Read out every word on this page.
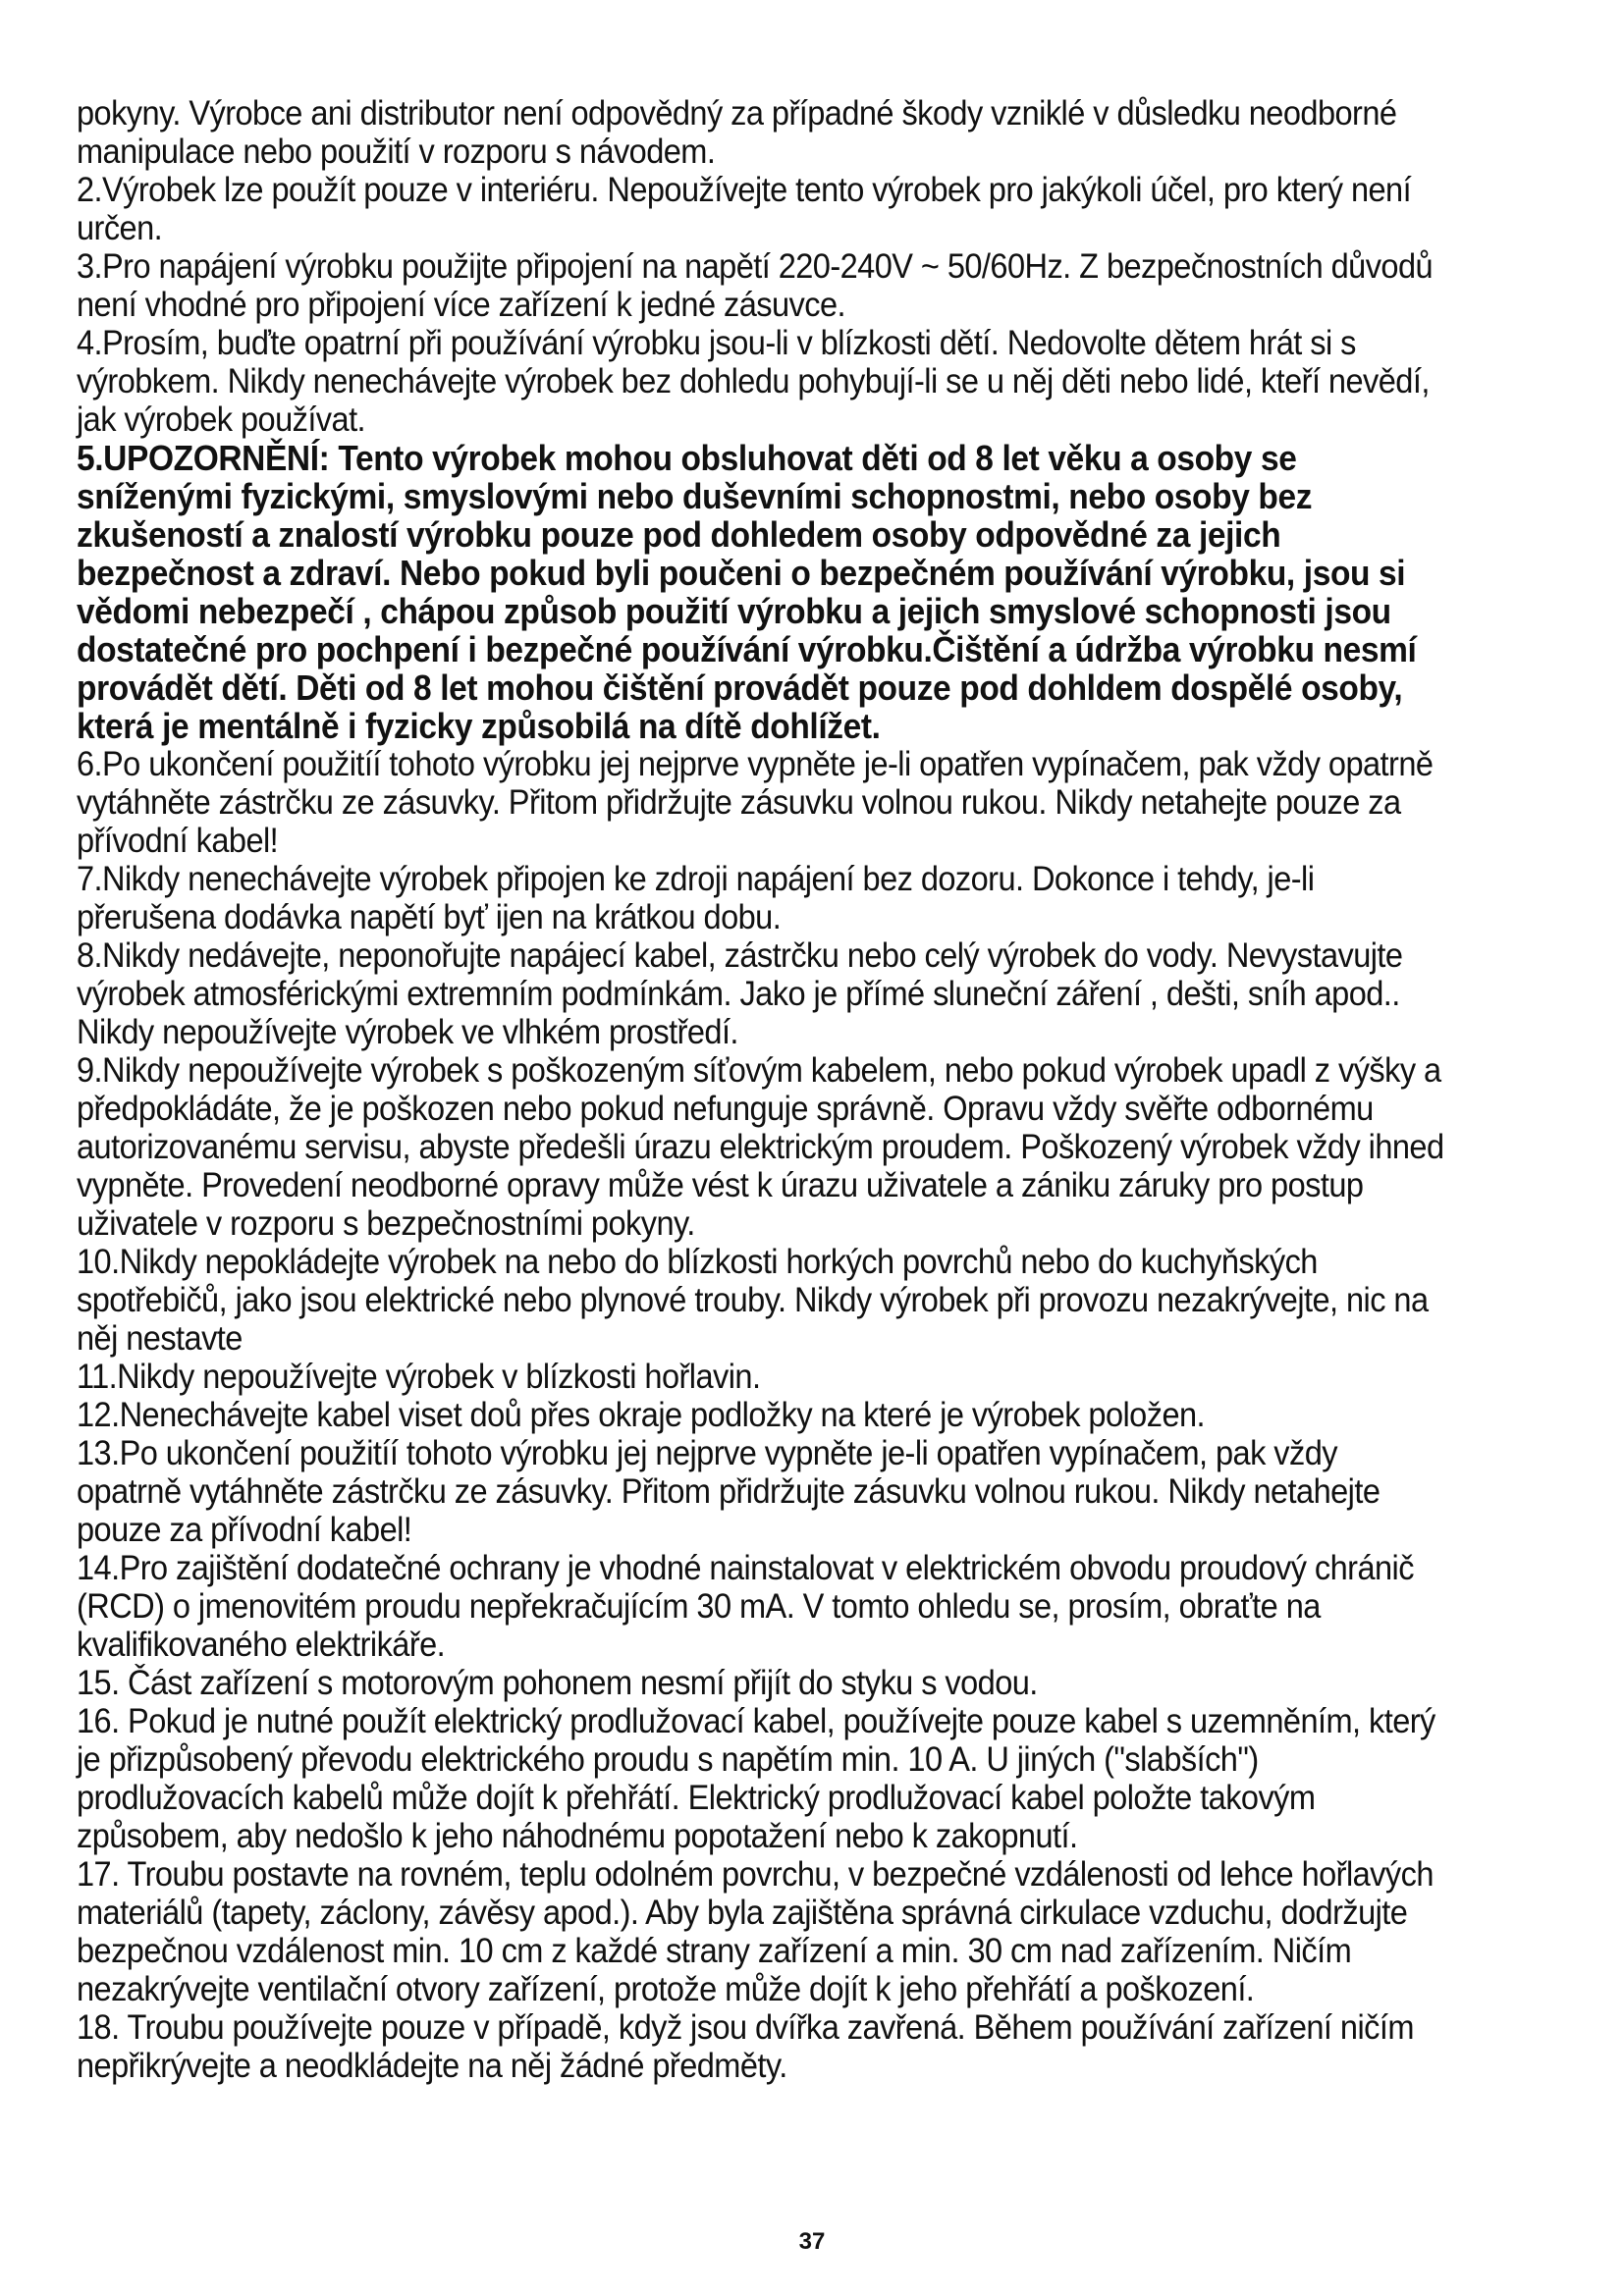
pokyny. Výrobce ani distributor není odpovědný za případné škody vzniklé v důsledku neodborné manipulace nebo použití v rozporu s návodem.

2.Výrobek lze použít pouze v interiéru. Nepoužívejte tento výrobek pro jakýkoli účel, pro který není určen.

3.Pro napájení výrobku použijte připojení na napětí 220-240V ~ 50/60Hz. Z bezpečnostních důvodů není vhodné pro připojení více zařízení k jedné zásuvce.

4.Prosím, buďte opatrní při používání výrobku jsou-li v blízkosti dětí. Nedovolte dětem hrát si s výrobkem. Nikdy nenechávejte výrobek bez dohledu pohybují-li se u něj děti nebo lidé, kteří nevědí, jak výrobek používat.

5.UPOZORNĚNÍ: Tento výrobek mohou obsluhovat děti od 8 let věku a osoby se sníženými fyzickými, smyslovými nebo duševními schopnostmi, nebo osoby bez zkušeností a znalostí výrobku pouze pod dohledem osoby odpovědné za jejich bezpečnost a zdraví. Nebo pokud byli poučeni o bezpečném používání výrobku, jsou si vědomi nebezpečí , chápou způsob použití výrobku a jejich smyslové schopnosti jsou dostatečné pro pochpení i bezpečné používání výrobku.Čištění a údržba výrobku nesmí provádět dětí. Děti od 8 let mohou čištění provádět pouze pod dohldem dospělé osoby, která je mentálně i fyzicky způsobilá na dítě dohlížet.

6.Po ukončení použitíí tohoto výrobku jej nejprve vypněte je-li opatřen vypínačem, pak vždy opatrně vytáhněte zástrčku ze zásuvky. Přitom přidržujte zásuvku volnou rukou. Nikdy netahejte pouze za přívodní kabel!

7.Nikdy nenechávejte výrobek připojen ke zdroji napájení bez dozoru. Dokonce i tehdy, je-li přerušena dodávka napětí byť ijen na krátkou dobu.

8.Nikdy nedávejte, neponořujte napájecí kabel, zástrčku nebo celý výrobek do vody. Nevystavujte výrobek atmosférickými extremním podmínkám. Jako je přímé sluneční záření , dešti, sníh apod.. Nikdy nepoužívejte výrobek ve vlhkém prostředí.

9.Nikdy nepoužívejte výrobek s poškozeným síťovým kabelem, nebo pokud výrobek upadl z výšky a předpokládáte, že je poškozen nebo pokud nefunguje správně. Opravu vždy svěřte odbornému autorizovanému servisu, abyste předešli úrazu elektrickým proudem. Poškozený výrobek vždy ihned vypněte. Provedení neodborné opravy může vést k úrazu uživatele a zániku záruky pro postup uživatele v rozporu s bezpečnostními pokyny.

10.Nikdy nepokládejte výrobek na nebo do blízkosti horkých povrchů nebo do kuchyňských spotřebičů, jako jsou elektrické nebo plynové trouby. Nikdy výrobek při provozu nezakrývejte, nic na něj nestavte

11.Nikdy nepoužívejte výrobek v blízkosti hořlavin.

12.Nenechávejte kabel viset doů přes okraje podložky na které je výrobek položen.

13.Po ukončení použitíí tohoto výrobku jej nejprve vypněte je-li opatřen vypínačem, pak vždy opatrně vytáhněte zástrčku ze zásuvky. Přitom přidržujte zásuvku volnou rukou. Nikdy netahejte pouze za přívodní kabel!

14.Pro zajištění dodatečné ochrany je vhodné nainstalovat v elektrickém obvodu proudový chránič (RCD) o jmenovitém proudu nepřekračujícím 30 mA. V tomto ohledu se, prosím, obraťte na kvalifikovaného elektrikáře.

15. Část zařízení s motorovým pohonem nesmí přijít do styku s vodou.

16. Pokud je nutné použít elektrický prodlužovací kabel, používejte pouze kabel s uzemněním, který je přizpůsobený převodu elektrického proudu s napětím min. 10 A. U jiných ("slabších") prodlužovacích kabelů může dojít k přehřátí. Elektrický prodlužovací kabel položte takovým způsobem, aby nedošlo k jeho náhodnému popotažení nebo k zakopnutí.

17. Troubu postavte na rovném, teplu odolném povrchu, v bezpečné vzdálenosti od lehce hořlavých materiálů (tapety, záclony, závěsy apod.). Aby byla zajištěna správná cirkulace vzduchu, dodržujte bezpečnou vzdálenost min. 10 cm z každé strany zařízení a min. 30 cm nad zařízením. Ničím nezakrývejte ventilační otvory zařízení, protože může dojít k jeho přehřátí a poškození.

18. Troubu používejte pouze v případě, když jsou dvířka zavřená. Během používání zařízení ničím nepřikrývejte a neodkládejte na něj žádné předměty.

37
